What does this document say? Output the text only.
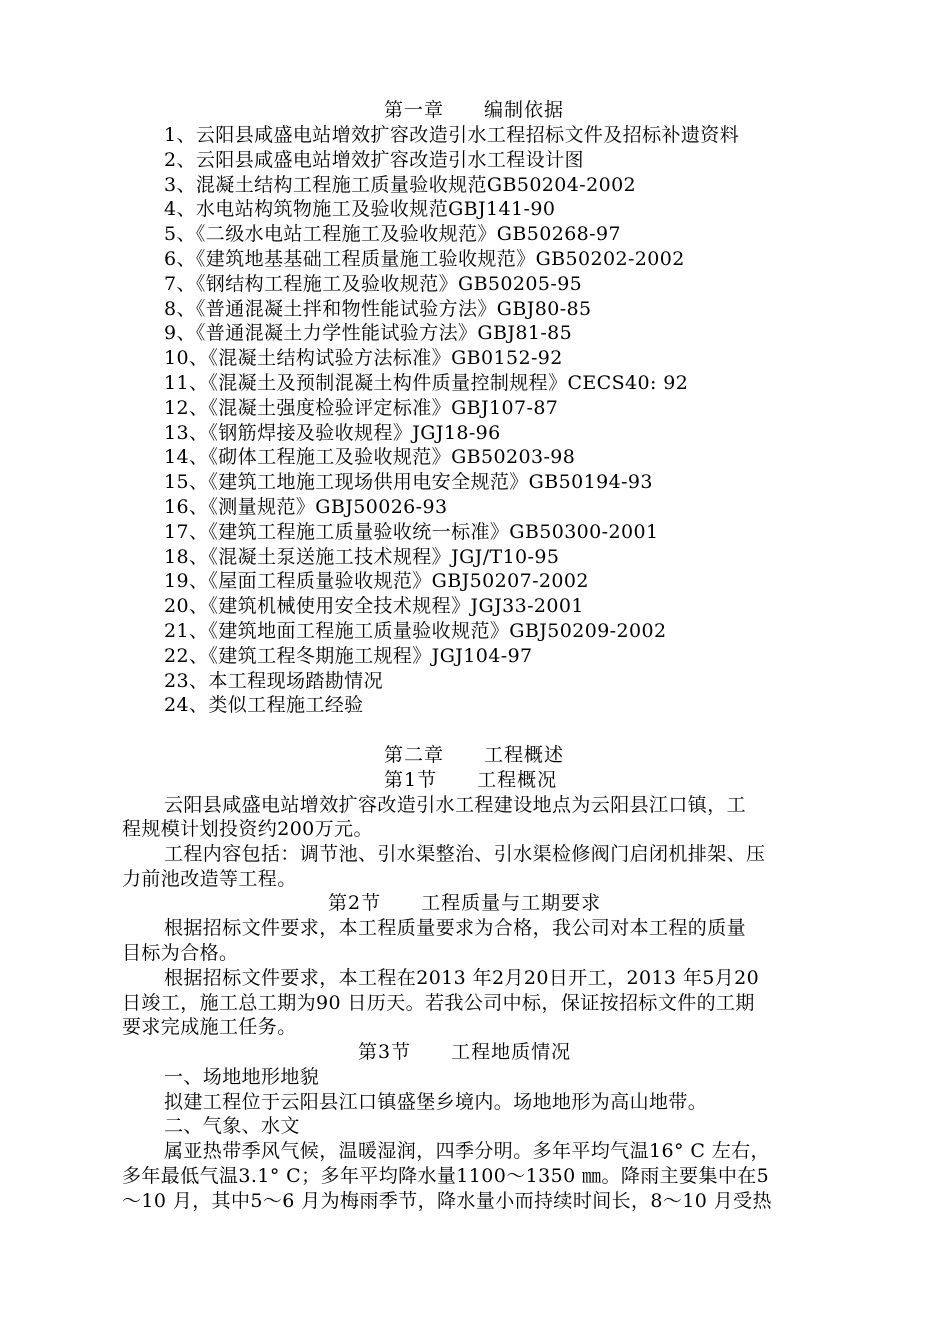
第一章　　编制依据
1、云阳县咸盛电站增效扩容改造引水工程招标文件及招标补遗资料
2、云阳县咸盛电站增效扩容改造引水工程设计图
3、混凝土结构工程施工质量验收规范GB50204-2002
4、水电站构筑物施工及验收规范GBJ141-90
5、《二级水电站工程施工及验收规范》GB50268-97
6、《建筑地基基础工程质量施工验收规范》GB50202-2002
7、《钢结构工程施工及验收规范》GB50205-95
8、《普通混凝土拌和物性能试验方法》GBJ80-85
9、《普通混凝土力学性能试验方法》GBJ81-85
10、《混凝土结构试验方法标准》GB0152-92
11、《混凝土及预制混凝土构件质量控制规程》CECS40: 92
12、《混凝土强度检验评定标准》GBJ107-87
13、《钢筋焊接及验收规程》JGJ18-96
14、《砌体工程施工及验收规范》GB50203-98
15、《建筑工地施工现场供用电安全规范》GB50194-93
16、《测量规范》GBJ50026-93
17、《建筑工程施工质量验收统一标准》GB50300-2001
18、《混凝土泵送施工技术规程》JGJ/T10-95
19、《屋面工程质量验收规范》GBJ50207-2002
20、《建筑机械使用安全技术规程》JGJ33-2001
21、《建筑地面工程施工质量验收规范》GBJ50209-2002
22、《建筑工程冬期施工规程》JGJ104-97
23、本工程现场踏勘情况
24、类似工程施工经验
第二章　　工程概述
第1节　　工程概况
云阳县咸盛电站增效扩容改造引水工程建设地点为云阳县江口镇，工
程规模计划投资约200万元。
工程内容包括：调节池、引水渠整治、引水渠检修阀门启闭机排架、压
力前池改造等工程。
第2节　　工程质量与工期要求
根据招标文件要求，本工程质量要求为合格，我公司对本工程的质量
目标为合格。
根据招标文件要求，本工程在2013 年2月20日开工，2013 年5月20
日竣工，施工总工期为90 日历天。若我公司中标，保证按招标文件的工期
要求完成施工任务。
第3节　　工程地质情况
一、场地地形地貌
拟建工程位于云阳县江口镇盛堡乡境内。场地地形为高山地带。
二、气象、水文
属亚热带季风气候，温暖湿润，四季分明。多年平均气温16° C 左右，
多年最低气温3.1° C；多年平均降水量1100～1350 ㎜。降雨主要集中在5
～10 月，其中5～6 月为梅雨季节，降水量小而持续时间长，8～10 月受热
